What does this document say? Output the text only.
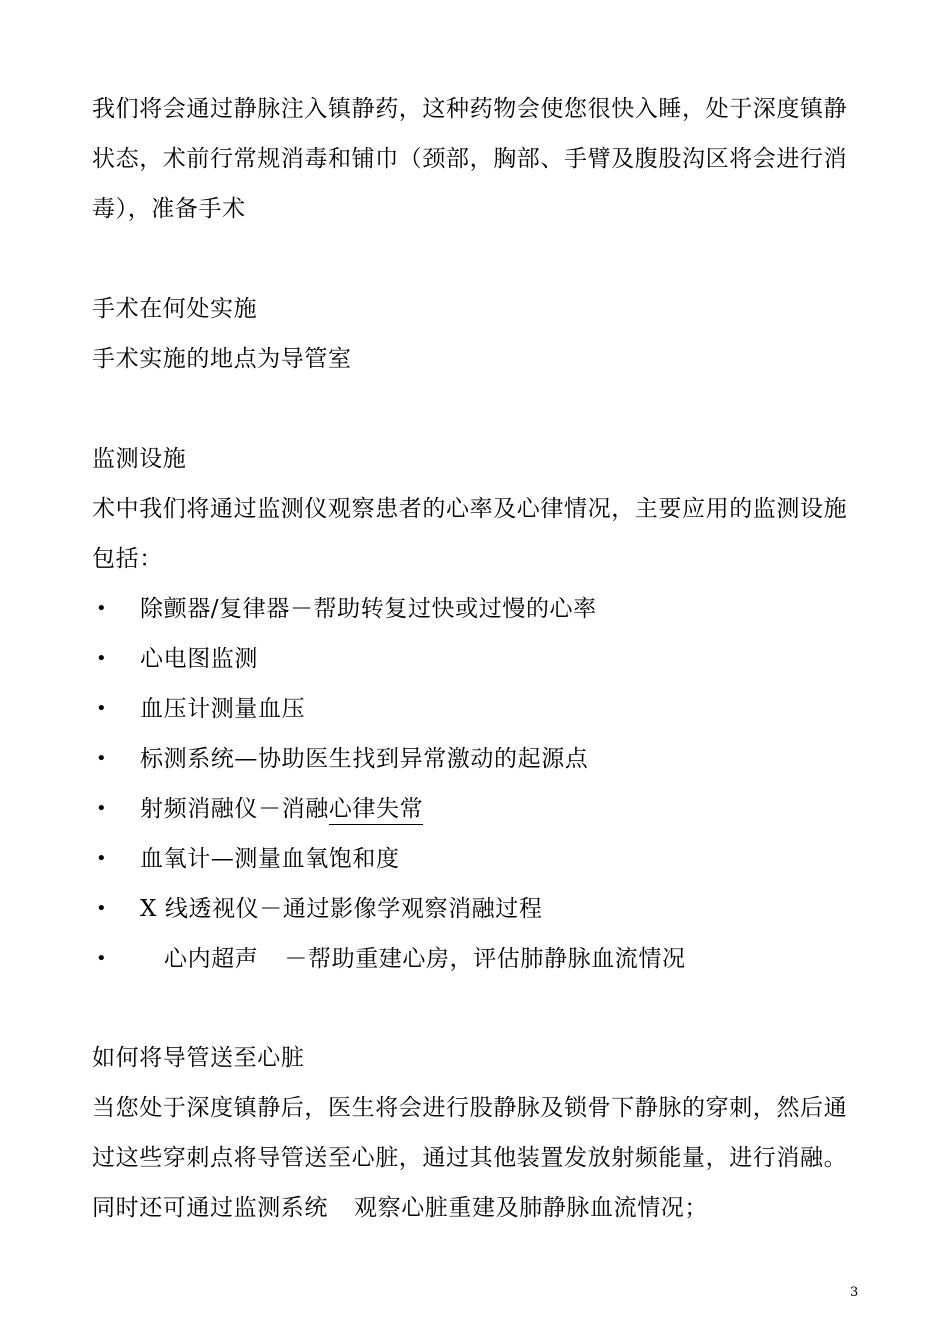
我们将会通过静脉注入镇静药，这种药物会使您很快入睡，处于深度镇静
状态，术前行常规消毒和铺巾（颈部，胸部、手臂及腹股沟区将会进行消
毒），准备手术
手术在何处实施
手术实施的地点为导管室
监测设施
术中我们将通过监测仪观察患者的心率及心律情况，主要应用的监测设施
包括：
• 除颤器/复律器－帮助转复过快或过慢的心率
• 心电图监测
• 血压计测量血压
• 标测系统—协助医生找到异常激动的起源点
• 射频消融仪－消融心律失常
• 血氧计—测量血氧饱和度
• X 线透视仪－通过影像学观察消融过程
• 心内超声 －帮助重建心房，评估肺静脉血流情况
如何将导管送至心脏
当您处于深度镇静后，医生将会进行股静脉及锁骨下静脉的穿刺，然后通
过这些穿刺点将导管送至心脏，通过其他装置发放射频能量，进行消融。
同时还可通过监测系统 观察心脏重建及肺静脉血流情况；
3
